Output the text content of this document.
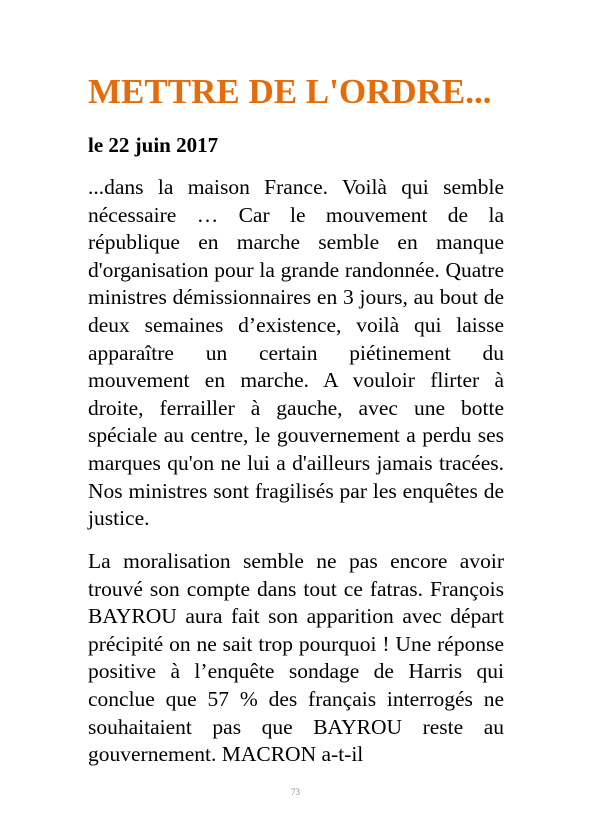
METTRE DE L'ORDRE...

le 22 juin 2017

...dans la maison France. Voilà qui semble nécessaire … Car le mouvement de la république en marche semble en manque d'organisation pour la grande randonnée. Quatre ministres démissionnaires en 3 jours, au bout de deux semaines d’existence, voilà qui laisse apparaître un certain piétinement du mouvement en marche. A vouloir flirter à droite, ferrailler à gauche, avec une botte spéciale au centre, le gouvernement a perdu ses marques qu'on ne lui a d'ailleurs jamais tracées. Nos ministres sont fragilisés par les enquêtes de justice.

La moralisation semble ne pas encore avoir trouvé son compte dans tout ce fatras. François BAYROU aura fait son apparition avec départ précipité on ne sait trop pourquoi ! Une réponse positive à l’enquête sondage de Harris qui conclue que 57 % des français interrogés ne souhaitaient pas que BAYROU reste au gouvernement. MACRON a-t-il

73
